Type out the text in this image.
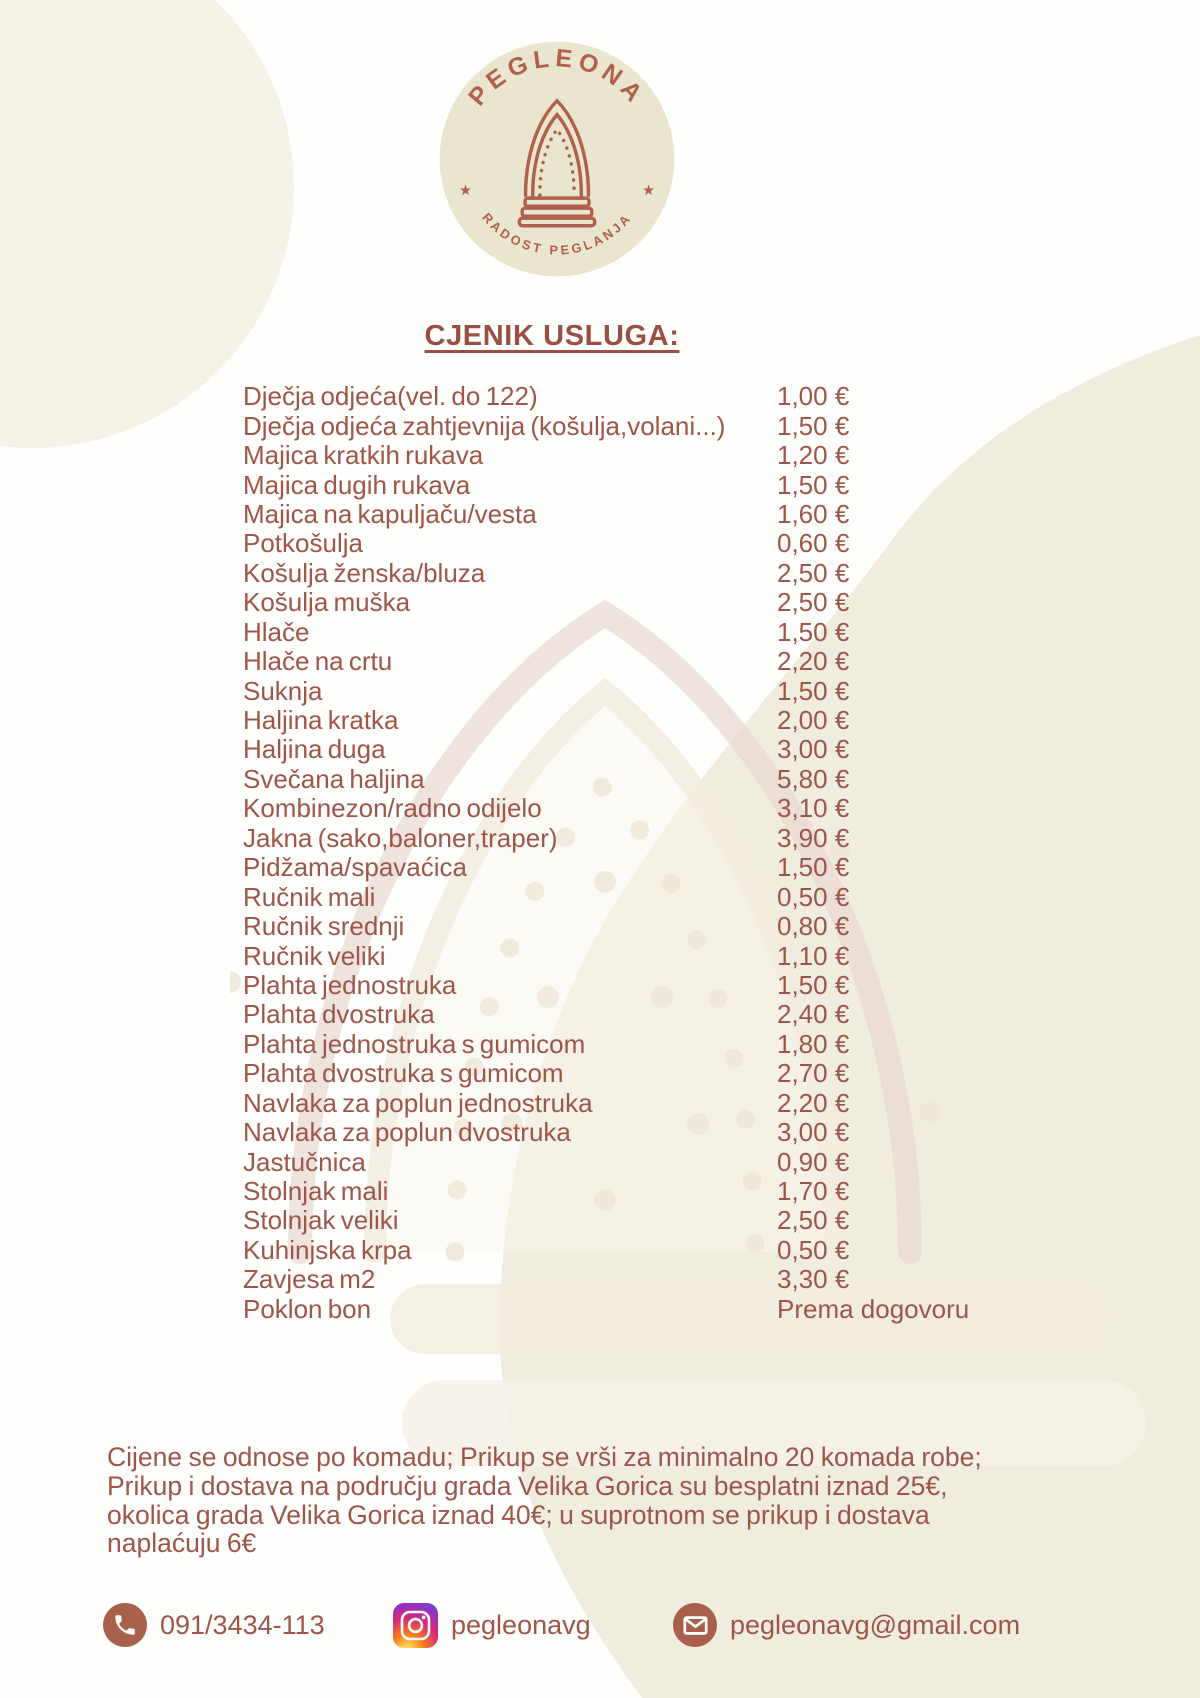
PEGLEONA
RADOST PEGLANJA
★	★
CJENIK USLUGA:
Dječja odjeća(vel. do 122)	1,00 €
Dječja odjeća zahtjevnija (košulja,volani...)	1,50 €
Majica kratkih rukava	1,20 €
Majica dugih rukava	1,50 €
Majica na kapuljaču/vesta	1,60 €
Potkošulja	0,60 €
Košulja ženska/bluza	2,50 €
Košulja muška	2,50 €
Hlače	1,50 €
Hlače na crtu	2,20 €
Suknja	1,50 €
Haljina kratka	2,00 €
Haljina duga	3,00 €
Svečana haljina	5,80 €
Kombinezon/radno odijelo	3,10 €
Jakna (sako,baloner,traper)	3,90 €
Pidžama/spavaćica	1,50 €
Ručnik mali	0,50 €
Ručnik srednji	0,80 €
Ručnik veliki	1,10 €
Plahta jednostruka	1,50 €
Plahta dvostruka	2,40 €
Plahta jednostruka s gumicom	1,80 €
Plahta dvostruka s gumicom	2,70 €
Navlaka za poplun jednostruka	2,20 €
Navlaka za poplun dvostruka	3,00 €
Jastučnica	0,90 €
Stolnjak mali	1,70 €
Stolnjak veliki	2,50 €
Kuhinjska krpa	0,50 €
Zavjesa m2	3,30 €
Poklon bon	Prema dogovoru
Cijene se odnose po komadu; Prikup se vrši za minimalno 20 komada robe;
Prikup i dostava na području grada Velika Gorica su besplatni iznad 25€,
okolica grada Velika Gorica iznad 40€; u suprotnom se prikup i dostava
naplaćuju 6€
091/3434-113	pegleonavg	pegleonavg@gmail.com
